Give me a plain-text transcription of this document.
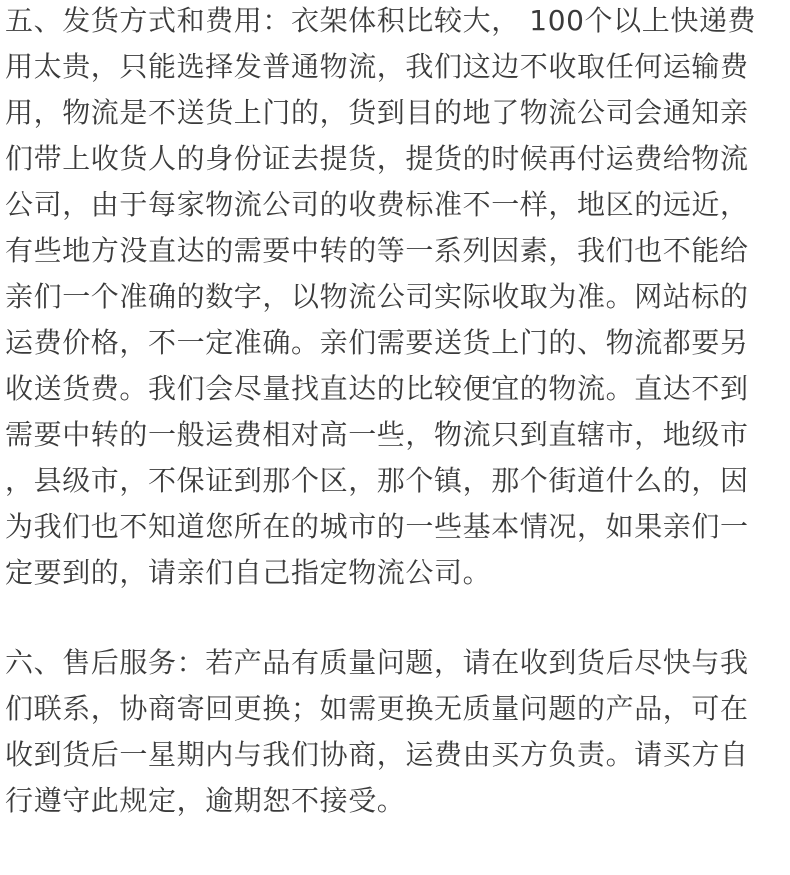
五、发货方式和费用：衣架体积比较大， 100个以上快递费
用太贵，只能选择发普通物流，我们这边不收取任何运输费
用，物流是不送货上门的，货到目的地了物流公司会通知亲
们带上收货人的身份证去提货，提货的时候再付运费给物流
公司，由于每家物流公司的收费标准不一样，地区的远近，
有些地方没直达的需要中转的等一系列因素，我们也不能给
亲们一个准确的数字，以物流公司实际收取为准。网站标的
运费价格，不一定准确。亲们需要送货上门的、物流都要另
收送货费。我们会尽量找直达的比较便宜的物流。直达不到
需要中转的一般运费相对高一些，物流只到直辖市，地级市
，县级市，不保证到那个区，那个镇，那个街道什么的，因
为我们也不知道您所在的城市的一些基本情况，如果亲们一
定要到的，请亲们自己指定物流公司。
六、售后服务：若产品有质量问题，请在收到货后尽快与我
们联系，协商寄回更换；如需更换无质量问题的产品，可在
收到货后一星期内与我们协商，运费由买方负责。请买方自
行遵守此规定，逾期恕不接受。
